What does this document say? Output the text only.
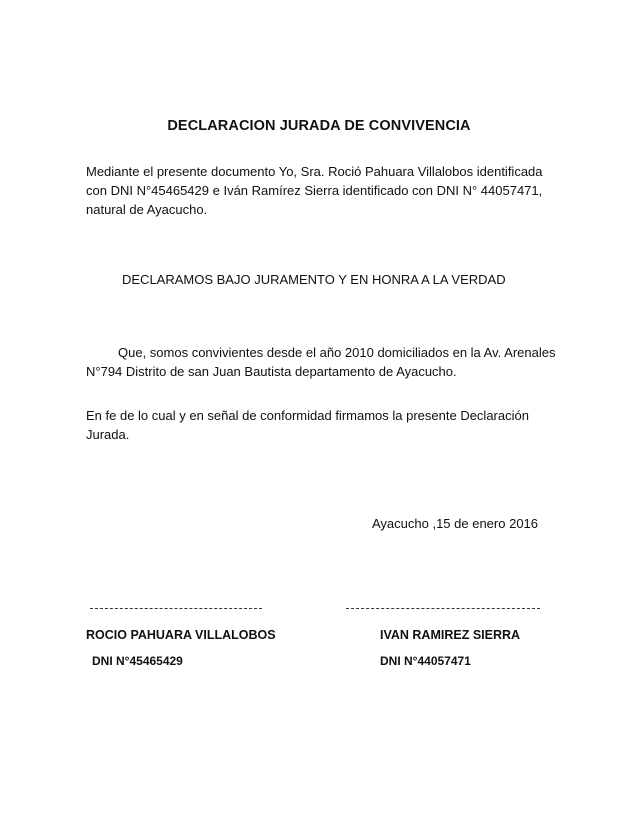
DECLARACION JURADA DE CONVIVENCIA
Mediante el presente documento Yo, Sra. Roció Pahuara Villalobos identificada con DNI N°45465429 e Iván Ramírez Sierra identificado con DNI N° 44057471, natural de Ayacucho.
DECLARAMOS BAJO JURAMENTO Y EN HONRA A LA VERDAD
Que, somos convivientes desde el año 2010 domiciliados en la Av. Arenales N°794 Distrito de san Juan Bautista departamento de Ayacucho.
En fe de lo cual y en señal de conformidad firmamos la presente Declaración Jurada.
Ayacucho ,15 de enero 2016
ROCIO PAHUARA VILLALOBOS	IVAN RAMIREZ SIERRA
DNI N°45465429	DNI N°44057471
